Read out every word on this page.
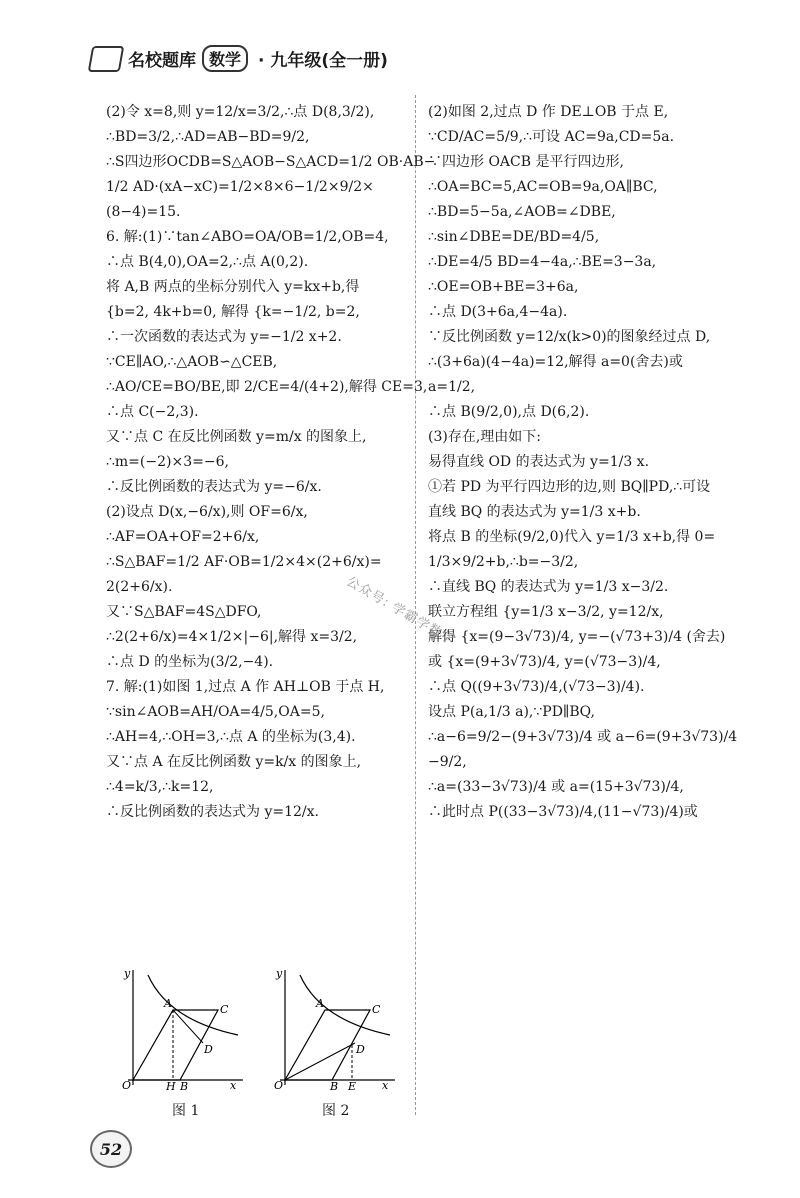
名校题库 数学	· 九年级(全一册)

(2)令 x=8,则 y=12/x=3/2,∴点 D(8,3/2),

∴BD=3/2,∴AD=AB−BD=9/2,

∴S四边形OCDB=S△AOB−S△ACD=1/2 OB·AB−

1/2 AD·(xA−xC)=1/2×8×6−1/2×9/2×

(8−4)=15.

6. 解:(1)∵tan∠ABO=OA/OB=1/2,OB=4,

∴点 B(4,0),OA=2,∴点 A(0,2).

将 A,B 两点的坐标分别代入 y=kx+b,得

{b=2, 4k+b=0, 解得 {k=−1/2, b=2,

∴一次函数的表达式为 y=−1/2 x+2.

∵CE∥AO,∴△AOB∽△CEB,

∴AO/CE=BO/BE,即 2/CE=4/(4+2),解得 CE=3,

∴点 C(−2,3).

又∵点 C 在反比例函数 y=m/x 的图象上,

∴m=(−2)×3=−6,

∴反比例函数的表达式为 y=−6/x.

(2)设点 D(x,−6/x),则 OF=6/x,

∴AF=OA+OF=2+6/x,

∴S△BAF=1/2 AF·OB=1/2×4×(2+6/x)=

2(2+6/x).

又∵S△BAF=4S△DFO,

∴2(2+6/x)=4×1/2×|−6|,解得 x=3/2,

∴点 D 的坐标为(3/2,−4).

7. 解:(1)如图 1,过点 A 作 AH⊥OB 于点 H,

∵sin∠AOB=AH/OA=4/5,OA=5,

∴AH=4,∴OH=3,∴点 A 的坐标为(3,4).

又∵点 A 在反比例函数 y=k/x 的图象上,

∴4=k/3,∴k=12,

∴反比例函数的表达式为 y=12/x.

(2)如图 2,过点 D 作 DE⊥OB 于点 E,

∵CD/AC=5/9,∴可设 AC=9a,CD=5a.

∵四边形 OACB 是平行四边形,

∴OA=BC=5,AC=OB=9a,OA∥BC,

∴BD=5−5a,∠AOB=∠DBE,

∴sin∠DBE=DE/BD=4/5,

∴DE=4/5 BD=4−4a,∴BE=3−3a,

∴OE=OB+BE=3+6a,

∴点 D(3+6a,4−4a).

∵反比例函数 y=12/x(k>0)的图象经过点 D,

∴(3+6a)(4−4a)=12,解得 a=0(舍去)或

a=1/2,

∴点 B(9/2,0),点 D(6,2).

(3)存在,理由如下:

易得直线 OD 的表达式为 y=1/3 x.

①若 PD 为平行四边形的边,则 BQ∥PD,∴可设

直线 BQ 的表达式为 y=1/3 x+b.

将点 B 的坐标(9/2,0)代入 y=1/3 x+b,得 0=

1/3×9/2+b,∴b=−3/2,

∴直线 BQ 的表达式为 y=1/3 x−3/2.

联立方程组 {y=1/3 x−3/2, y=12/x,

解得 {x=(9−3√73)/4, y=−(√73+3)/4 (舍去)

或 {x=(9+3√73)/4, y=(√73−3)/4,

∴点 Q((9+3√73)/4,(√73−3)/4).

设点 P(a,1/3 a),∵PD∥BQ,

∴a−6=9/2−(9+3√73)/4 或 a−6=(9+3√73)/4

−9/2,

∴a=(33−3√73)/4 或 a=(15+3√73)/4,

∴此时点 P((33−3√73)/4,(11−√73)/4)或

公众号: 学霸学数学
y
A	C
D
O	H B	x
y
A	C
D
O	B E x
图 1	图 2
52
